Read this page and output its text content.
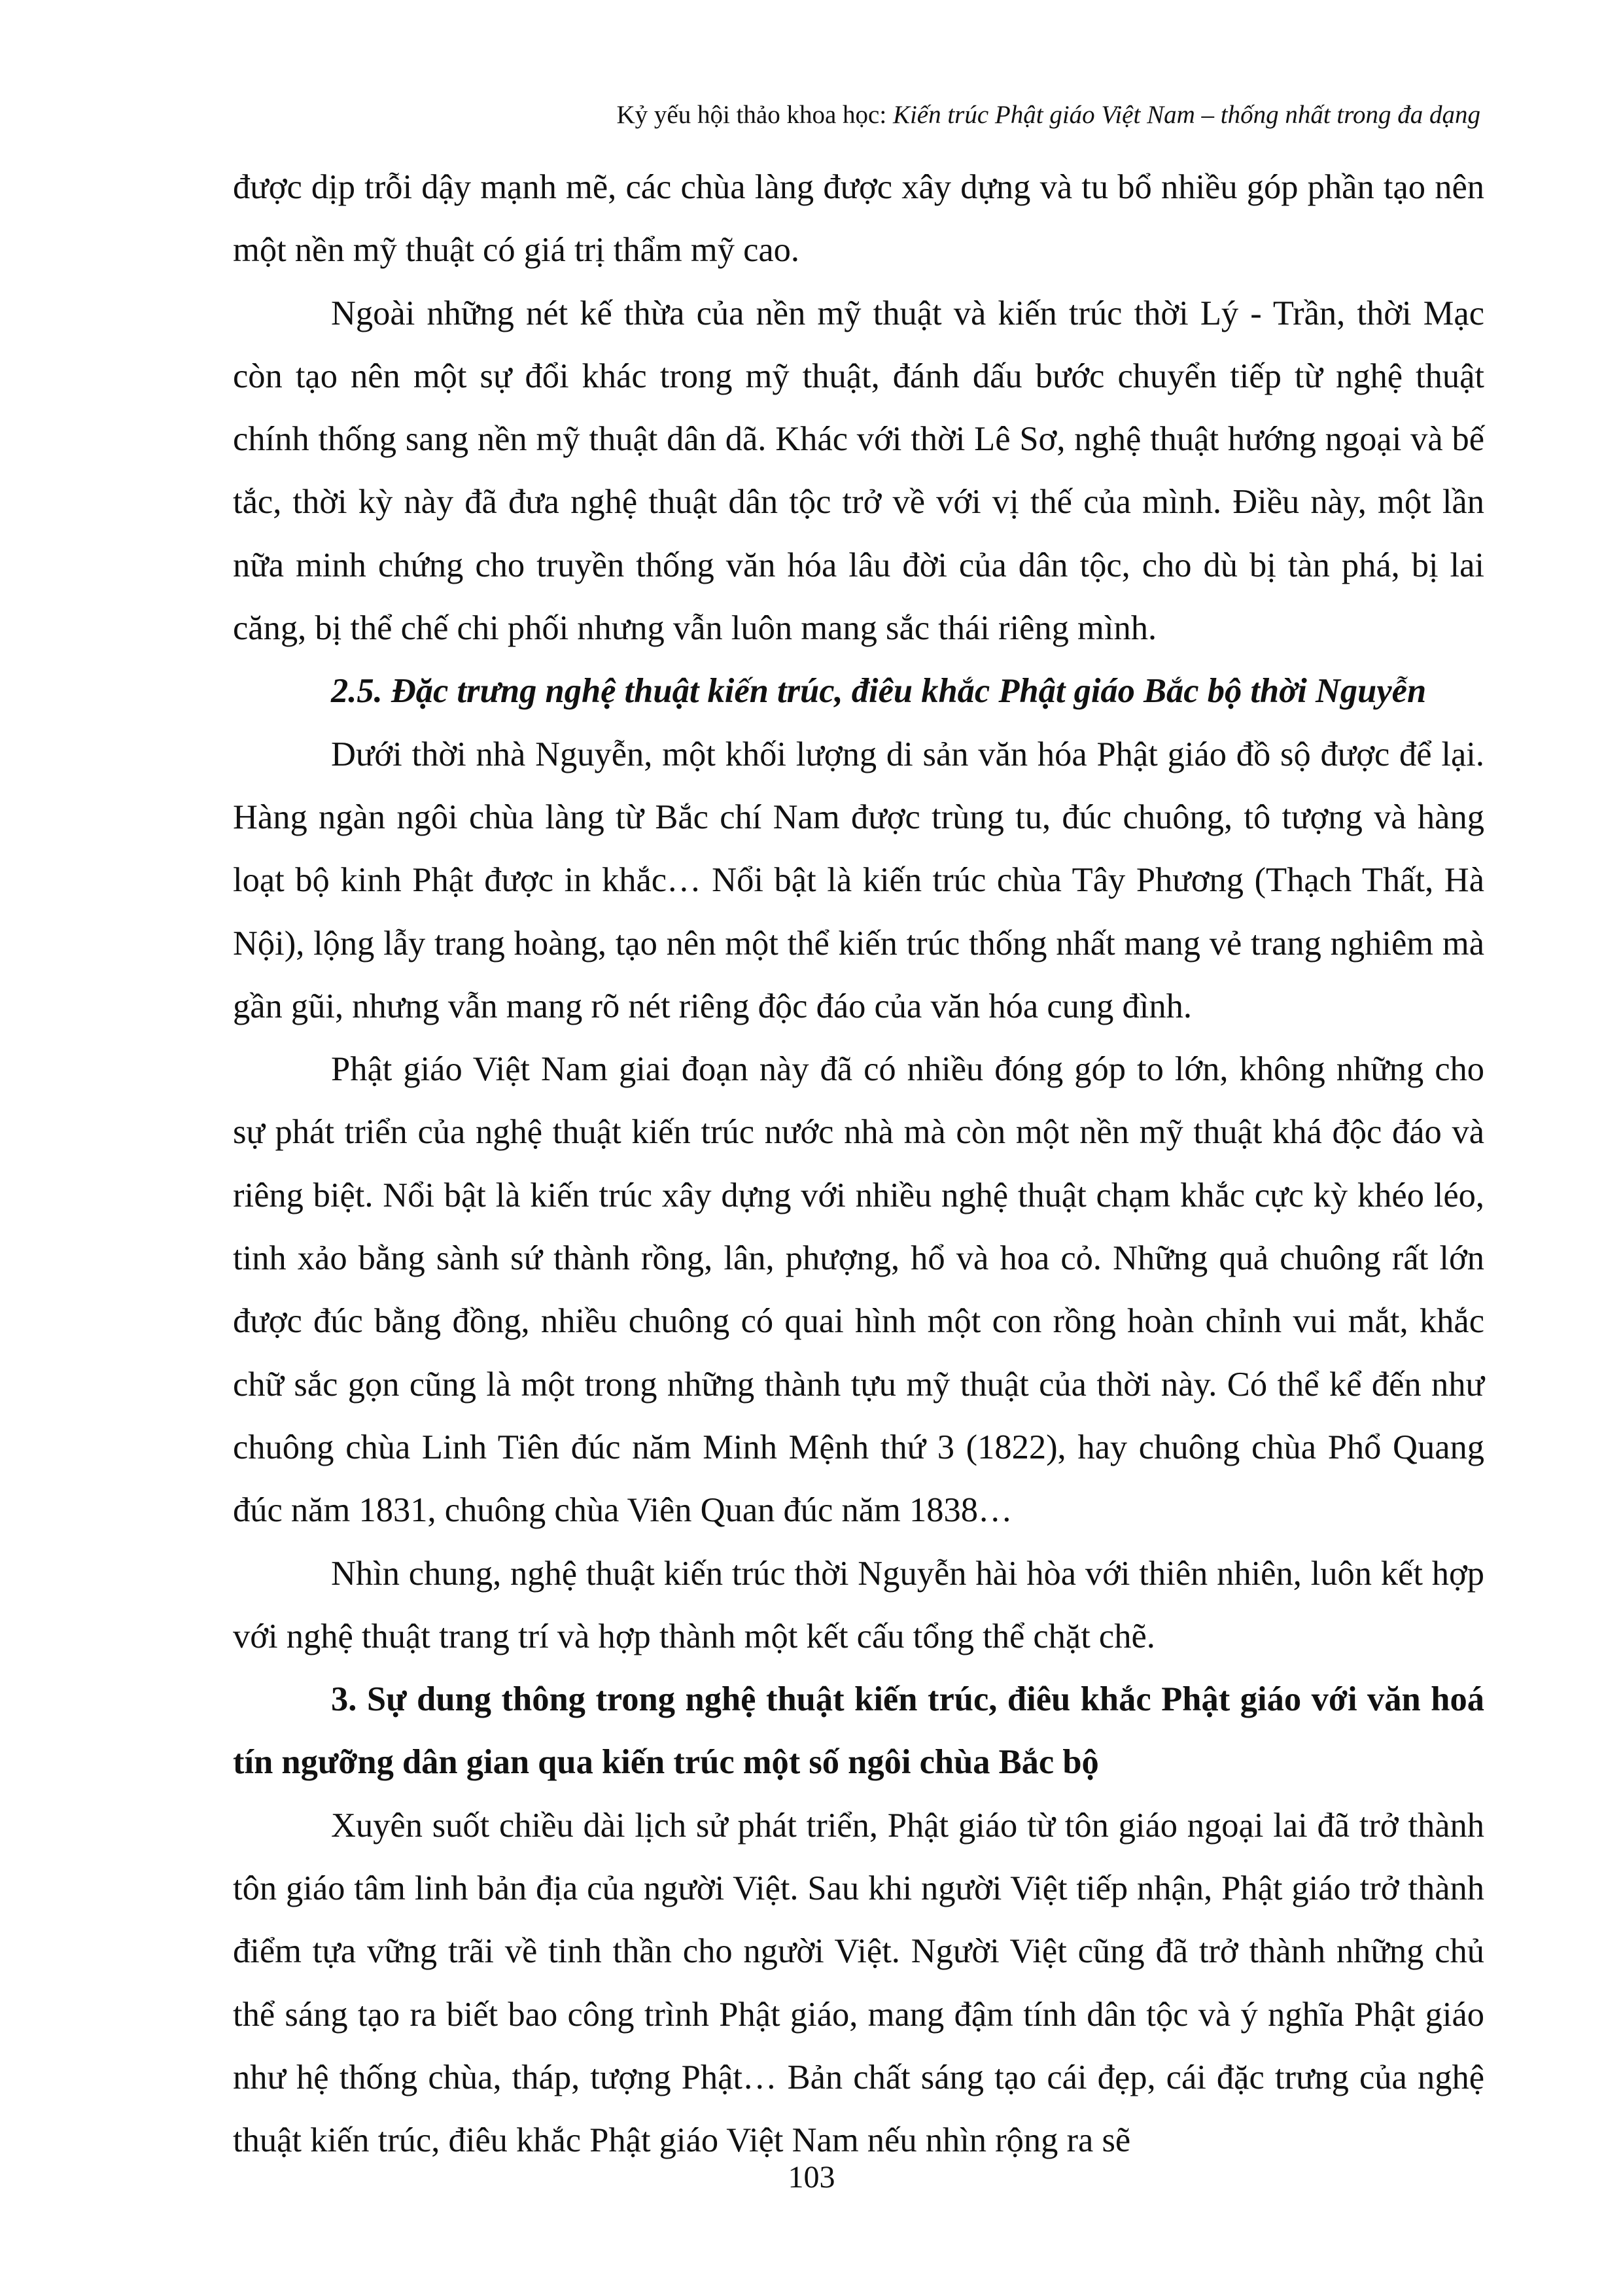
Kỷ yếu hội thảo khoa học: Kiến trúc Phật giáo Việt Nam – thống nhất trong đa dạng

được dịp trỗi dậy mạnh mẽ, các chùa làng được xây dựng và tu bổ nhiều góp phần tạo nên một nền mỹ thuật có giá trị thẩm mỹ cao.

Ngoài những nét kế thừa của nền mỹ thuật và kiến trúc thời Lý - Trần, thời Mạc còn tạo nên một sự đổi khác trong mỹ thuật, đánh dấu bước chuyển tiếp từ nghệ thuật chính thống sang nền mỹ thuật dân dã. Khác với thời Lê Sơ, nghệ thuật hướng ngoại và bế tắc, thời kỳ này đã đưa nghệ thuật dân tộc trở về với vị thế của mình. Điều này, một lần nữa minh chứng cho truyền thống văn hóa lâu đời của dân tộc, cho dù bị tàn phá, bị lai căng, bị thể chế chi phối nhưng vẫn luôn mang sắc thái riêng mình.

2.5. Đặc trưng nghệ thuật kiến trúc, điêu khắc Phật giáo Bắc bộ thời Nguyễn

Dưới thời nhà Nguyễn, một khối lượng di sản văn hóa Phật giáo đồ sộ được để lại. Hàng ngàn ngôi chùa làng từ Bắc chí Nam được trùng tu, đúc chuông, tô tượng và hàng loạt bộ kinh Phật được in khắc… Nổi bật là kiến trúc chùa Tây Phương (Thạch Thất, Hà Nội), lộng lẫy trang hoàng, tạo nên một thể kiến trúc thống nhất mang vẻ trang nghiêm mà gần gũi, nhưng vẫn mang rõ nét riêng độc đáo của văn hóa cung đình.

Phật giáo Việt Nam giai đoạn này đã có nhiều đóng góp to lớn, không những cho sự phát triển của nghệ thuật kiến trúc nước nhà mà còn một nền mỹ thuật khá độc đáo và riêng biệt. Nổi bật là kiến trúc xây dựng với nhiều nghệ thuật chạm khắc cực kỳ khéo léo, tinh xảo bằng sành sứ thành rồng, lân, phượng, hổ và hoa cỏ. Những quả chuông rất lớn được đúc bằng đồng, nhiều chuông có quai hình một con rồng hoàn chỉnh vui mắt, khắc chữ sắc gọn cũng là một trong những thành tựu mỹ thuật của thời này. Có thể kể đến như chuông chùa Linh Tiên đúc năm Minh Mệnh thứ 3 (1822), hay chuông chùa Phổ Quang đúc năm 1831, chuông chùa Viên Quan đúc năm 1838…

Nhìn chung, nghệ thuật kiến trúc thời Nguyễn hài hòa với thiên nhiên, luôn kết hợp với nghệ thuật trang trí và hợp thành một kết cấu tổng thể chặt chẽ.

3. Sự dung thông trong nghệ thuật kiến trúc, điêu khắc Phật giáo với văn hoá tín ngưỡng dân gian qua kiến trúc một số ngôi chùa Bắc bộ

Xuyên suốt chiều dài lịch sử phát triển, Phật giáo từ tôn giáo ngoại lai đã trở thành tôn giáo tâm linh bản địa của người Việt. Sau khi người Việt tiếp nhận, Phật giáo trở thành điểm tựa vững trãi về tinh thần cho người Việt. Người Việt cũng đã trở thành những chủ thể sáng tạo ra biết bao công trình Phật giáo, mang đậm tính dân tộc và ý nghĩa Phật giáo như hệ thống chùa, tháp, tượng Phật… Bản chất sáng tạo cái đẹp, cái đặc trưng của nghệ thuật kiến trúc, điêu khắc Phật giáo Việt Nam nếu nhìn rộng ra sẽ

103
